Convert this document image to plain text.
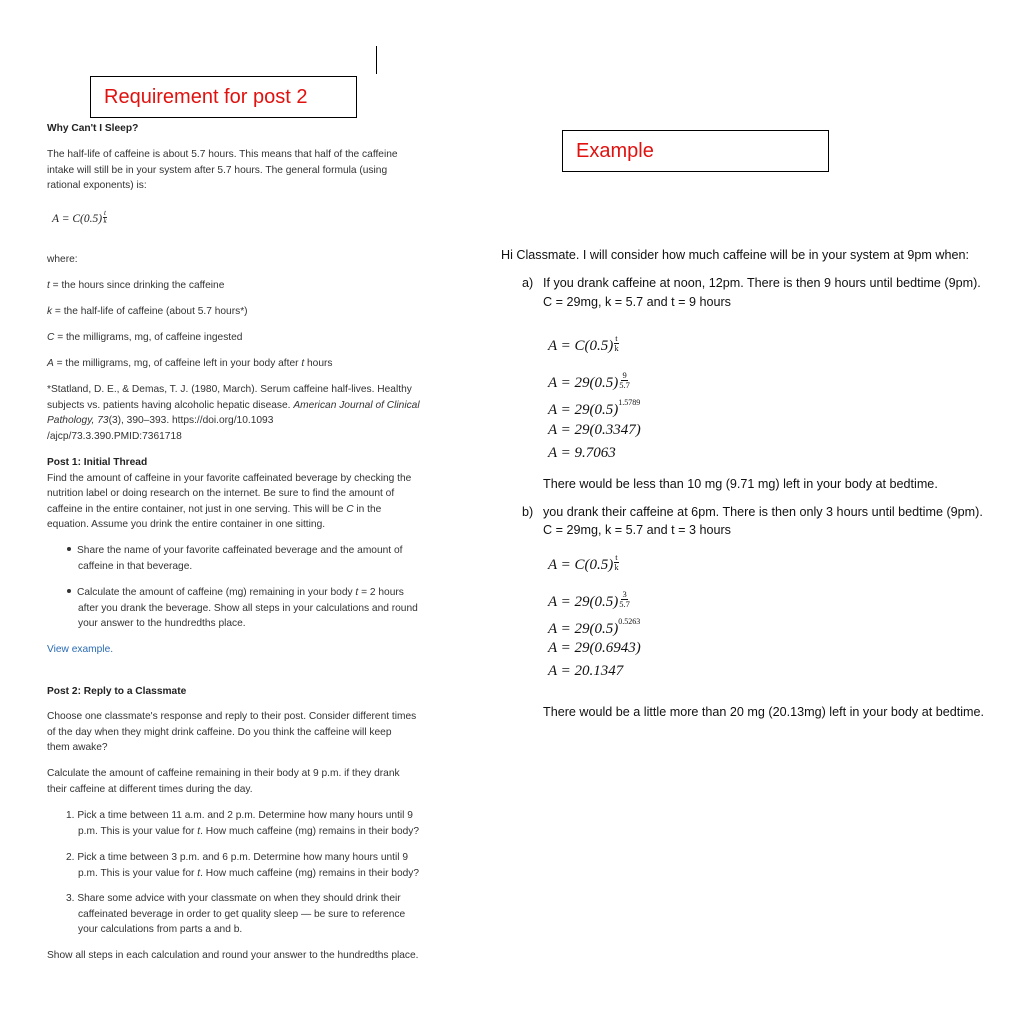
Requirement for post 2
Why Can't I Sleep?
The half-life of caffeine is about 5.7 hours. This means that half of the caffeine
intake will still be in your system after 5.7 hours. The general formula (using
rational exponents) is:
$A = C(0.5) \frac{t}{k}$
where:
t = the hours since drinking the caffeine
k = the half-life of caffeine (about 5.7 hours*)
C = the milligrams, mg, of caffeine ingested
A = the milligrams, mg, of caffeine left in your body after t hours
*Statland, D. E., & Demas, T. J. (1980, March). Serum caffeine half-lives. Healthy
subjects vs. patients having alcoholic hepatic disease. American Journal of Clinical
Pathology, 73(3), 390–393. https://doi.org/10.1093
/ajcp/73.3.390.PMID:7361718
Post 1: Initial Thread
Find the amount of caffeine in your favorite caffeinated beverage by checking the
nutrition label or doing research on the internet. Be sure to find the amount of
caffeine in the entire container, not just in one serving. This will be C in the
equation. Assume you drink the entire container in one sitting.
Share the name of your favorite caffeinated beverage and the amount of
caffeine in that beverage.
Calculate the amount of caffeine (mg) remaining in your body t = 2 hours
after you drank the beverage. Show all steps in your calculations and round
your answer to the hundredths place.
View example.
Post 2: Reply to a Classmate
Choose one classmate's response and reply to their post. Consider different times
of the day when they might drink caffeine. Do you think the caffeine will keep
them awake?
Calculate the amount of caffeine remaining in their body at 9 p.m. if they drank
their caffeine at different times during the day.
1. Pick a time between 11 a.m. and 2 p.m. Determine how many hours until 9
p.m. This is your value for t. How much caffeine (mg) remains in their body?
2. Pick a time between 3 p.m. and 6 p.m. Determine how many hours until 9
p.m. This is your value for t. How much caffeine (mg) remains in their body?
3. Share some advice with your classmate on when they should drink their
caffeinated beverage in order to get quality sleep — be sure to reference
your calculations from parts a and b.
Show all steps in each calculation and round your answer to the hundredths place.
Example
Hi Classmate. I will consider how much caffeine will be in your system at 9pm when:
a) If you drank caffeine at noon, 12pm. There is then 9 hours until bedtime (9pm).
C = 29mg, k = 5.7 and t = 9 hours
$A = C(0.5) \frac{t}{k}$
$A = 29(0.5) \frac{9}{5.7}$
$A = 29(0.5)^{1.5789}$
A = 29(0.3347)
A = 9.7063
There would be less than 10 mg (9.71 mg) left in your body at bedtime.
b) you drank their caffeine at 6pm. There is then only 3 hours until bedtime (9pm).
C = 29mg, k = 5.7 and t = 3 hours
$A = C(0.5) \frac{t}{k}$
$A = 29(0.5) \frac{3}{5.7}$
$A = 29(0.5)^{0.5263}$
A = 29(0.6943)
A = 20.1347
There would be a little more than 20 mg (20.13mg) left in your body at bedtime.
